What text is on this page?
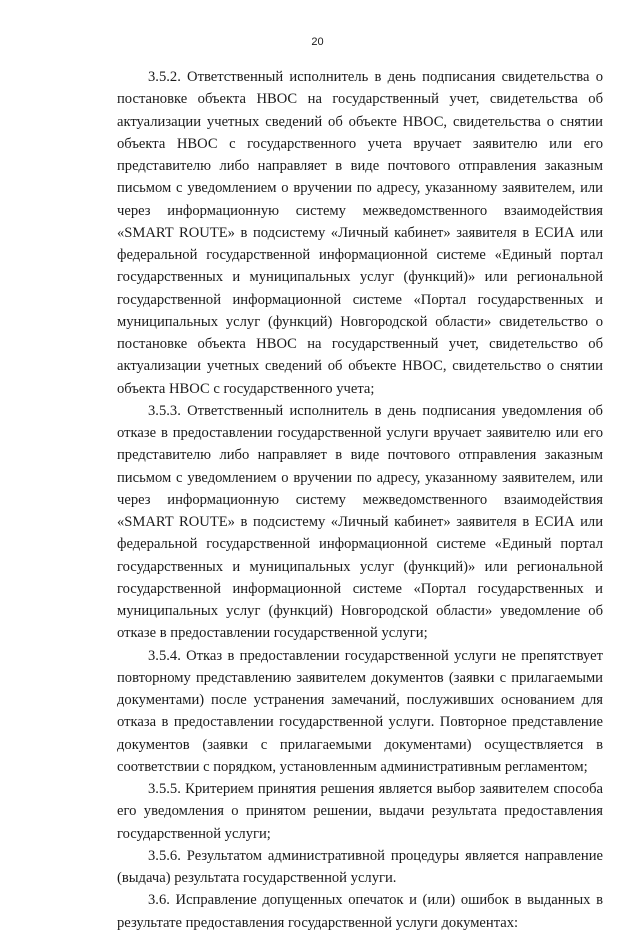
20

3.5.2. Ответственный исполнитель в день подписания свидетельства о постановке объекта НВОС на государственный учет, свидетельства об актуализации учетных сведений об объекте НВОС, свидетельства о снятии объекта НВОС с государственного учета вручает заявителю или его представителю либо направляет в виде почтового отправления заказным письмом с уведомлением о вручении по адресу, указанному заявителем, или через информационную систему межведомственного взаимодействия «SMART ROUTE» в подсистему «Личный кабинет» заявителя в ЕСИА или федеральной государственной информационной системе «Единый портал государственных и муниципальных услуг (функций)» или региональной государственной информационной системе «Портал государственных и муниципальных услуг (функций) Новгородской области» свидетельство о постановке объекта НВОС на государственный учет, свидетельство об актуализации учетных сведений об объекте НВОС, свидетельство о снятии объекта НВОС с государственного учета;

3.5.3. Ответственный исполнитель в день подписания уведомления об отказе в предоставлении государственной услуги вручает заявителю или его представителю либо направляет в виде почтового отправления заказным письмом с уведомлением о вручении по адресу, указанному заявителем, или через информационную систему межведомственного взаимодействия «SMART ROUTE» в подсистему «Личный кабинет» заявителя в ЕСИА или федеральной государственной информационной системе «Единый портал государственных и муниципальных услуг (функций)» или региональной государственной информационной системе «Портал государственных и муниципальных услуг (функций) Новгородской области» уведомление об отказе в предоставлении государственной услуги;

3.5.4. Отказ в предоставлении государственной услуги не препятствует повторному представлению заявителем документов (заявки с прилагаемыми документами) после устранения замечаний, послуживших основанием для отказа в предоставлении государственной услуги. Повторное представление документов (заявки с прилагаемыми документами) осуществляется в соответствии с порядком, установленным административным регламентом;

3.5.5. Критерием принятия решения является выбор заявителем способа его уведомления о принятом решении, выдачи результата предоставления государственной услуги;

3.5.6. Результатом административной процедуры является направление (выдача) результата государственной услуги.

3.6. Исправление допущенных опечаток и (или) ошибок в выданных в результате предоставления государственной услуги документах:
